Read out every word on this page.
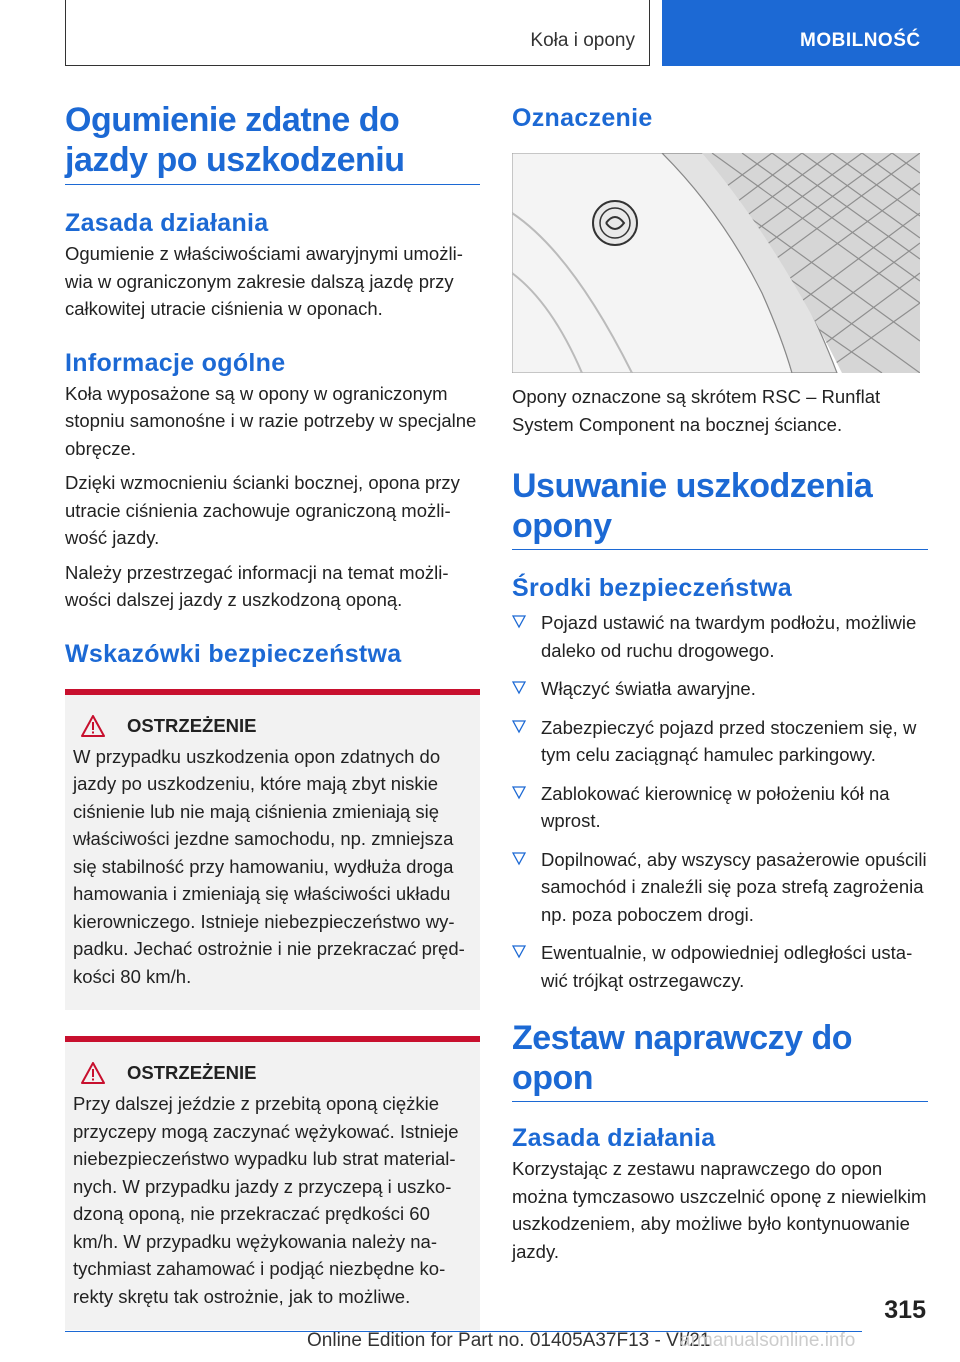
Koła i opony	MOBILNOŚĆ
Ogumienie zdatne do jazdy po uszkodzeniu
Zasada działania

Ogumienie z właściwościami awaryjnymi umożliwia w ograniczonym zakresie dalszą jazdę przy całkowitej utracie ciśnienia w oponach.

Informacje ogólne

Koła wyposażone są w opony w ograniczonym stopniu samonośne i w razie potrzeby w specjalne obręcze.

Dzięki wzmocnieniu ścianki bocznej, opona przy utracie ciśnienia zachowuje ograniczoną możliwość jazdy.

Należy przestrzegać informacji na temat możliwości dalszej jazdy z uszkodzoną oponą.

Wskazówki bezpieczeństwa
OSTRZEŻENIE

W przypadku uszkodzenia opon zdatnych do jazdy po uszkodzeniu, które mają zbyt niskie ciśnienie lub nie mają ciśnienia zmieniają się właściwości jezdne samochodu, np. zmniejsza się stabilność przy hamowaniu, wydłuża droga hamowania i zmieniają się właściwości układu kierowniczego. Istnieje niebezpieczeństwo wypadku. Jechać ostrożnie i nie przekraczać prędkości 80 km/h.

OSTRZEŻENIE

Przy dalszej jeździe z przebitą oponą ciężkie przyczepy mogą zaczynać wężykować. Istnieje niebezpieczeństwo wypadku lub strat materialnych. W przypadku jazdy z przyczepą i uszkodzoną oponą, nie przekraczać prędkości 60 km/h. W przypadku wężykowania należy natychmiast zahamować i podjąć niezbędne korekty skrętu tak ostrożnie, jak to możliwe.

Oznaczenie

Opony oznaczone są skrótem RSC – Runflat System Component na bocznej ściance.

Usuwanie uszkodzenia opony
Środki bezpieczeństwa
Pojazd ustawić na twardym podłożu, możliwie daleko od ruchu drogowego.
Włączyć światła awaryjne.
Zabezpieczyć pojazd przed stoczeniem się, w tym celu zaciągnąć hamulec parkingowy.
Zablokować kierownicę w położeniu kół na wprost.
Dopilnować, aby wszyscy pasażerowie opuścili samochód i znaleźli się poza strefą zagrożenia np. poza poboczem drogi.
Ewentualnie, w odpowiedniej odległości ustawić trójkąt ostrzegawczy.
Zestaw naprawczy do opon
Zasada działania

Korzystając z zestawu naprawczego do opon można tymczasowo uszczelnić oponę z niewielkim uszkodzeniem, aby możliwe było kontynuowanie jazdy.

315
Online Edition for Part no. 01405A37F13 - VI/21
armanualsonline.info
